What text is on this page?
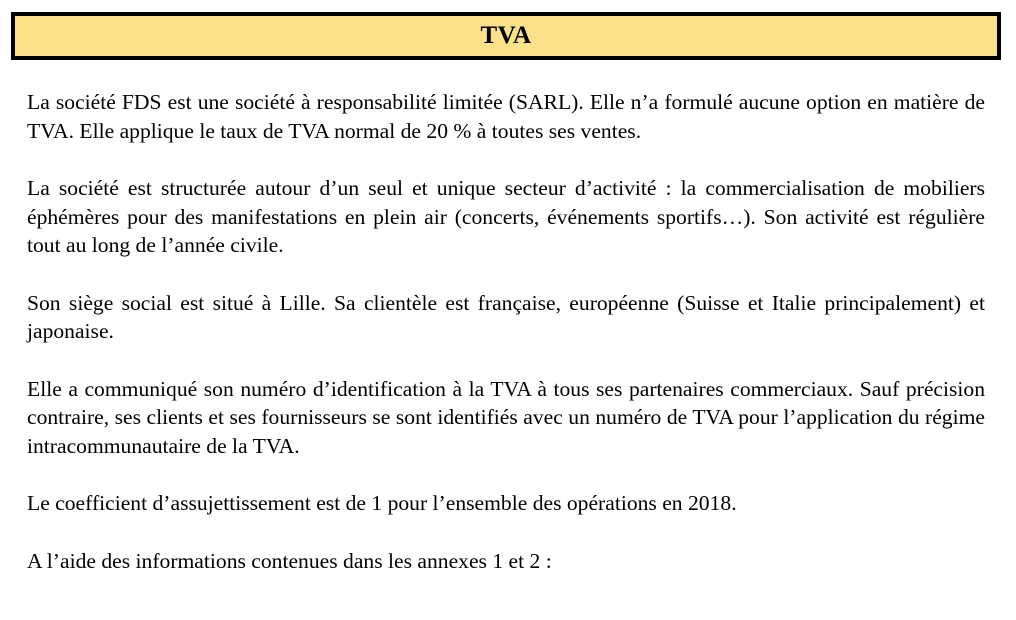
TVA

La société FDS est une société à responsabilité limitée (SARL). Elle n’a formulé aucune option en matière de TVA. Elle applique le taux de TVA normal de 20 % à toutes ses ventes.

La société est structurée autour d’un seul et unique secteur d’activité : la commercialisation de mobiliers éphémères pour des manifestations en plein air (concerts, événements sportifs…). Son activité est régulière tout au long de l’année civile.

Son siège social est situé à Lille. Sa clientèle est française, européenne (Suisse et Italie principalement) et japonaise.

Elle a communiqué son numéro d’identification à la TVA à tous ses partenaires commerciaux. Sauf précision contraire, ses clients et ses fournisseurs se sont identifiés avec un numéro de TVA pour l’application du régime intracommunautaire de la TVA.

Le coefficient d’assujettissement est de 1 pour l’ensemble des opérations en 2018.

A l’aide des informations contenues dans les annexes 1 et 2 :
